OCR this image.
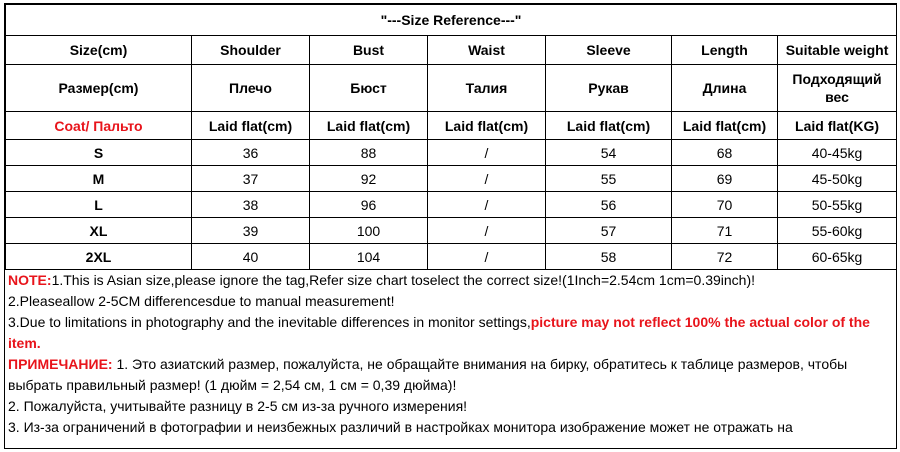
"---Size Reference---"						
Size(cm)	Shoulder	Bust	Waist	Sleeve	Length	Suitable weight
Размер(cm)	Плечо	Бюст	Талия	Рукав	Длина	Подходящий вес
Coat/ Пальто	Laid flat(cm)	Laid flat(cm)	Laid flat(cm)	Laid flat(cm)	Laid flat(cm)	Laid flat(KG)
S	36	88	/	54	68	40-45kg
M	37	92	/	55	69	45-50kg
L	38	96	/	56	70	50-55kg
XL	39	100	/	57	71	55-60kg
2XL	40	104	/	58	72	60-65kg
NOTE:1.This is Asian size,please ignore the tag,Refer size chart toselect the correct size!(1Inch=2.54cm 1cm=0.39inch)!
2.Pleaseallow 2-5CM differencesdue to manual measurement!
3.Due to limitations in photography and the inevitable differences in monitor settings,picture may not reflect 100% the actual color of the item.
ПРИМЕЧАНИЕ: 1. Это азиатский размер, пожалуйста, не обращайте внимания на бирку, обратитесь к таблице размеров, чтобы выбрать правильный размер! (1 дюйм = 2,54 см, 1 см = 0,39 дюйма)!
2. Пожалуйста, учитывайте разницу в 2-5 см из-за ручного измерения!
3. Из-за ограничений в фотографии и неизбежных различий в настройках монитора изображение может не отражать на
